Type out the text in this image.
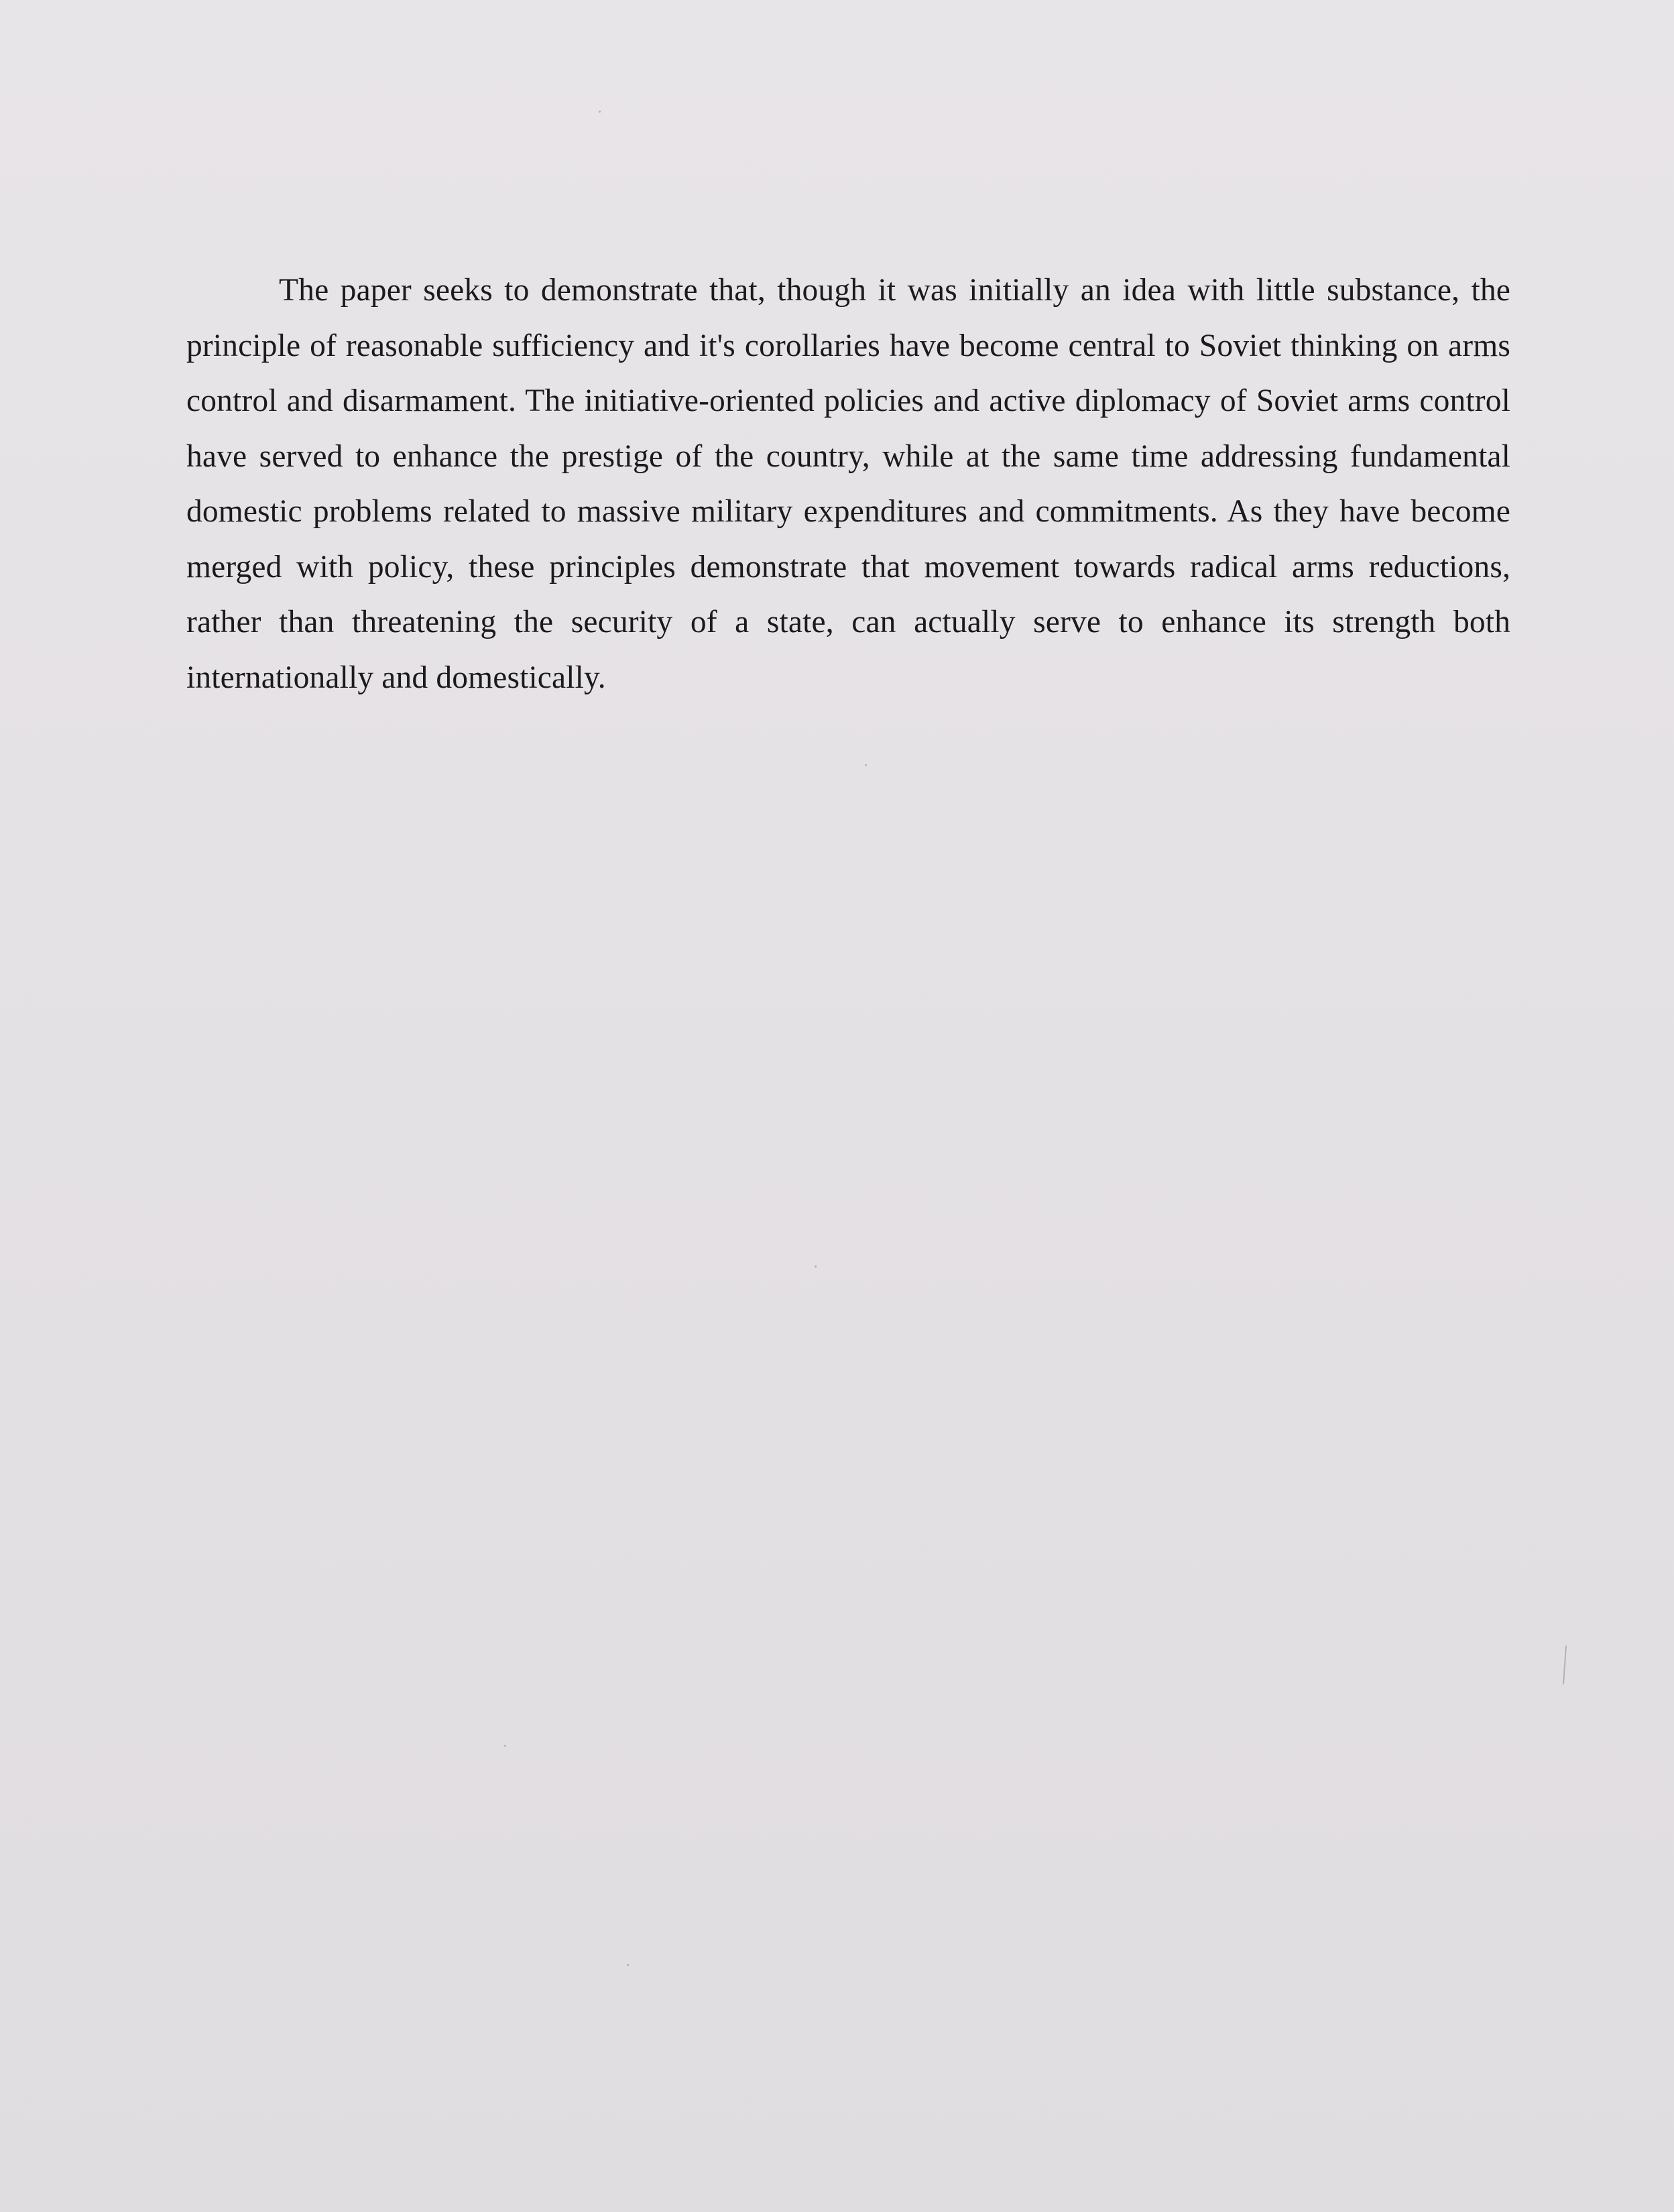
The paper seeks to demonstrate that, though it was initially an idea with little substance, the principle of reasonable sufficiency and it's corollaries have become central to Soviet thinking on arms control and disarmament. The initiative-oriented policies and active diplomacy of Soviet arms control have served to enhance the prestige of the country, while at the same time addressing fundamental domestic problems related to massive military expenditures and commitments. As they have become merged with policy, these principles demonstrate that movement towards radical arms reductions, rather than threatening the security of a state, can actually serve to enhance its strength both internationally and domestically.
